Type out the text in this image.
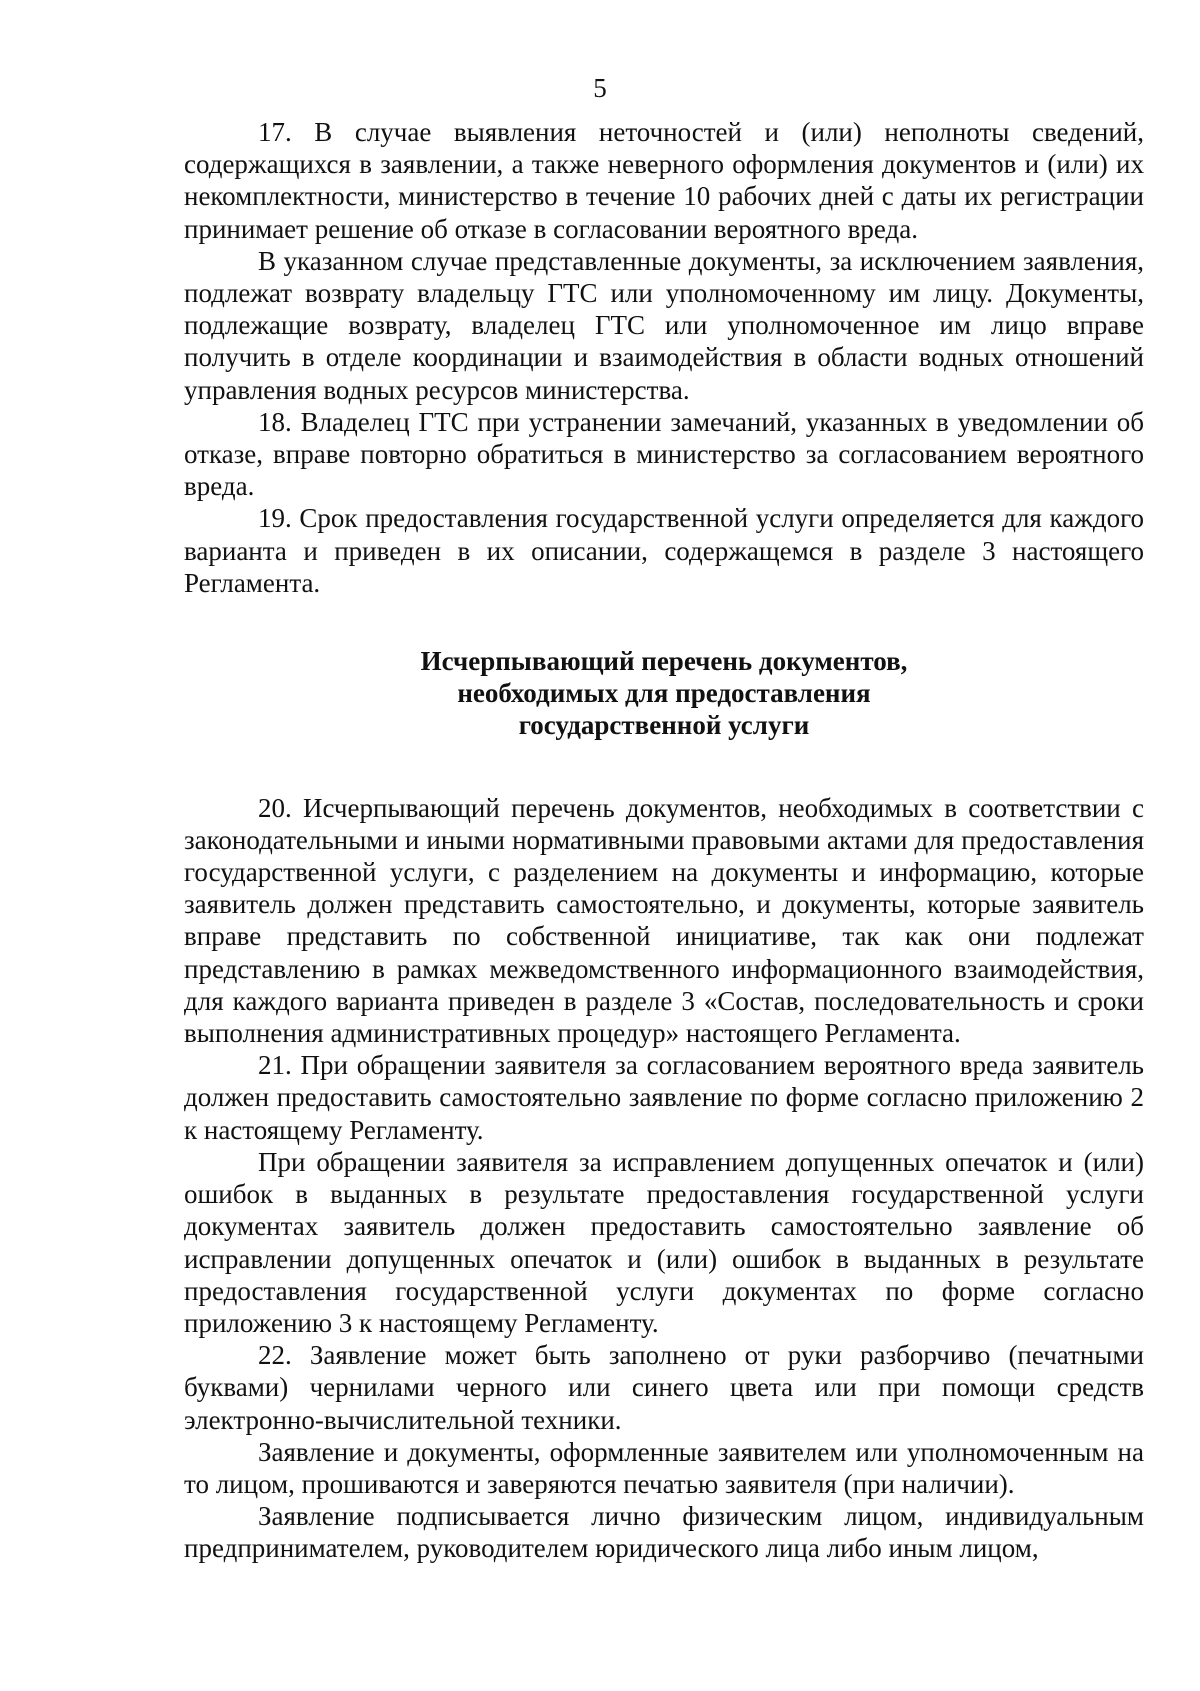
5

17. В случае выявления неточностей и (или) неполноты сведений, содержащихся в заявлении, а также неверного оформления документов и (или) их некомплектности, министерство в течение 10 рабочих дней с даты их регистрации принимает решение об отказе в согласовании вероятного вреда.

В указанном случае представленные документы, за исключением заявления, подлежат возврату владельцу ГТС или уполномоченному им лицу. Документы, подлежащие возврату, владелец ГТС или уполномоченное им лицо вправе получить в отделе координации и взаимодействия в области водных отношений управления водных ресурсов министерства.

18. Владелец ГТС при устранении замечаний, указанных в уведомлении об отказе, вправе повторно обратиться в министерство за согласованием вероятного вреда.

19. Срок предоставления государственной услуги определяется для каждого варианта и приведен в их описании, содержащемся в разделе 3 настоящего Регламента.

Исчерпывающий перечень документов,
необходимых для предоставления
государственной услуги

20. Исчерпывающий перечень документов, необходимых в соответствии с законодательными и иными нормативными правовыми актами для предоставления государственной услуги, с разделением на документы и информацию, которые заявитель должен представить самостоятельно, и документы, которые заявитель вправе представить по собственной инициативе, так как они подлежат представлению в рамках межведомственного информационного взаимодействия, для каждого варианта приведен в разделе 3 «Состав, последовательность и сроки выполнения административных процедур» настоящего Регламента.

21. При обращении заявителя за согласованием вероятного вреда заявитель должен предоставить самостоятельно заявление по форме согласно приложению 2 к настоящему Регламенту.

При обращении заявителя за исправлением допущенных опечаток и (или) ошибок в выданных в результате предоставления государственной услуги документах заявитель должен предоставить самостоятельно заявление об исправлении допущенных опечаток и (или) ошибок в выданных в результате предоставления государственной услуги документах по форме согласно приложению 3 к настоящему Регламенту.

22. Заявление может быть заполнено от руки разборчиво (печатными буквами) чернилами черного или синего цвета или при помощи средств электронно-вычислительной техники.

Заявление и документы, оформленные заявителем или уполномоченным на то лицом, прошиваются и заверяются печатью заявителя (при наличии).

Заявление подписывается лично физическим лицом, индивидуальным предпринимателем, руководителем юридического лица либо иным лицом,
